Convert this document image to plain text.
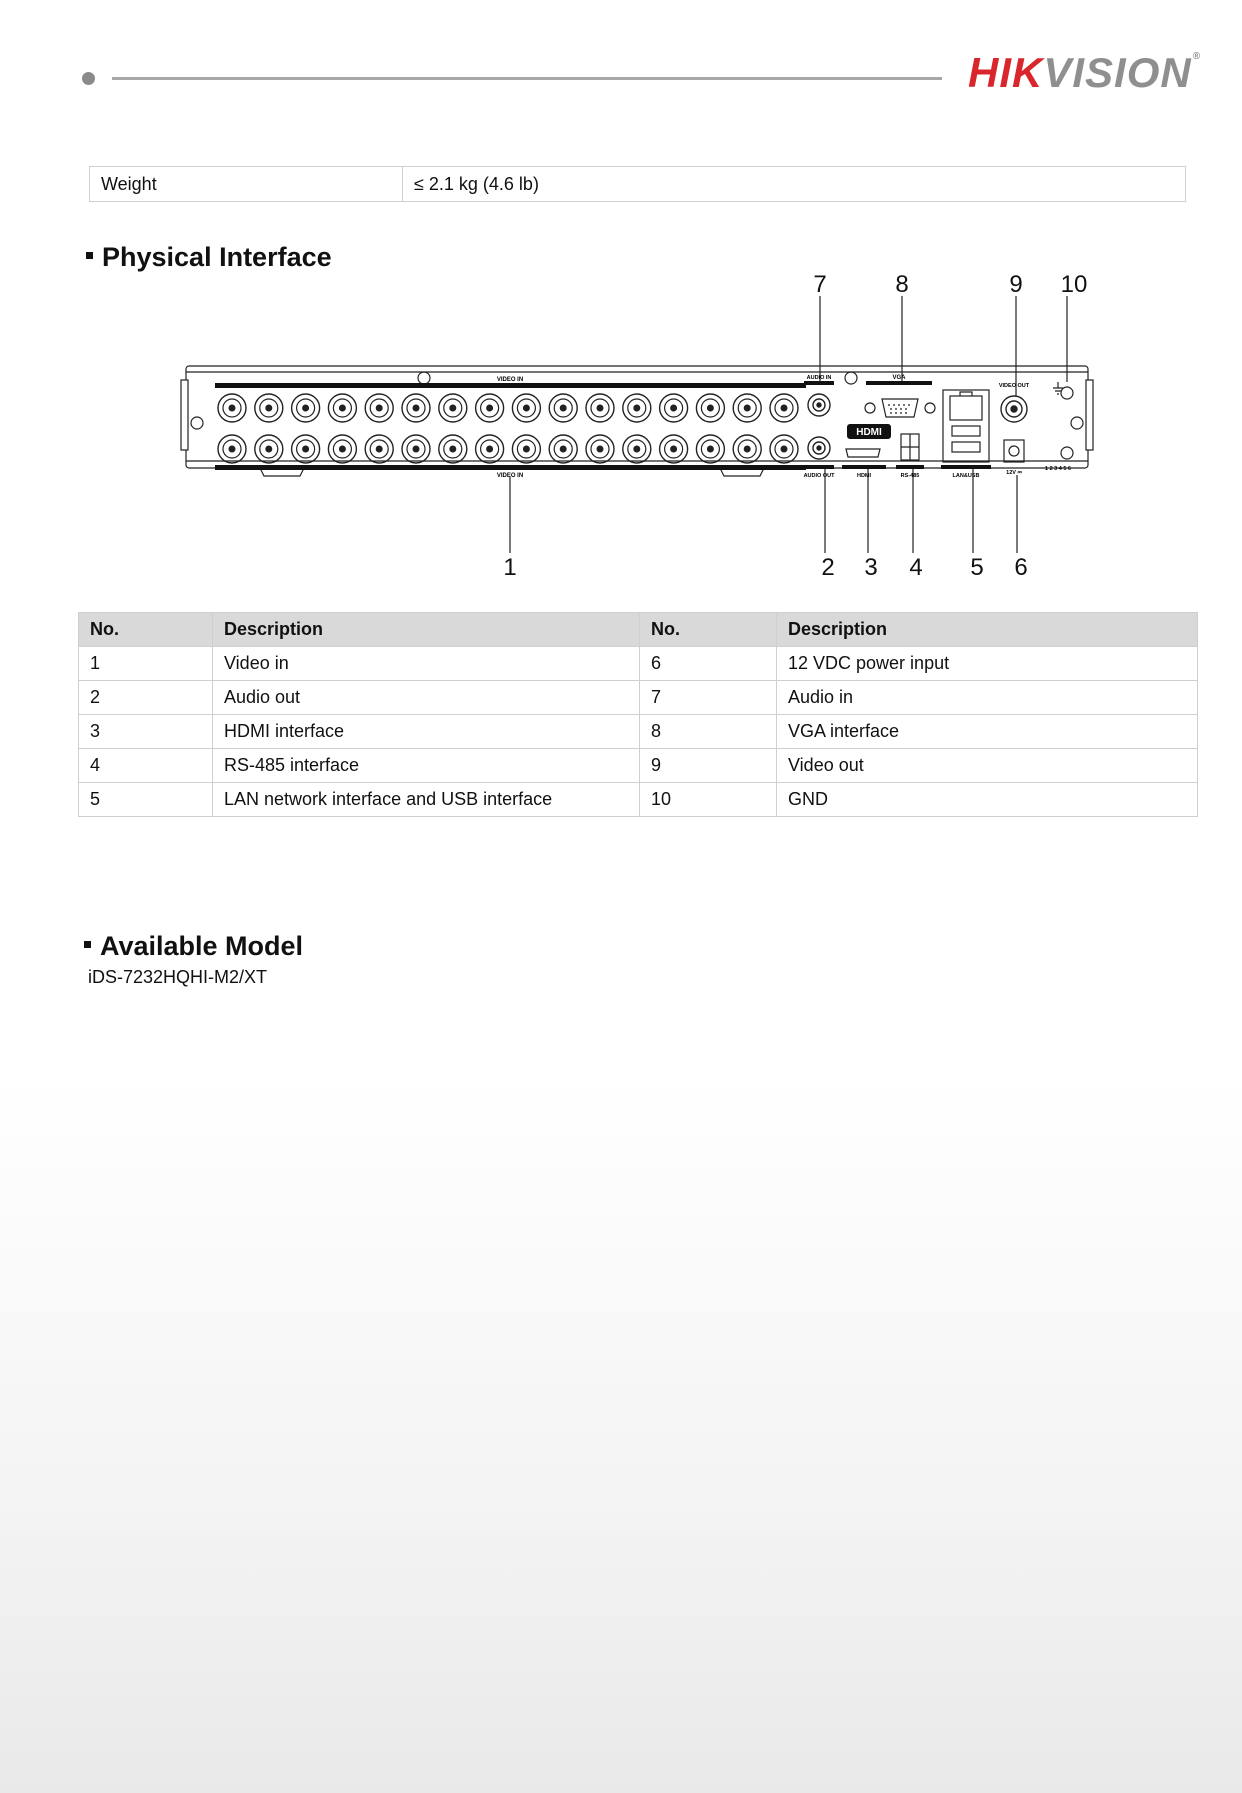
HIKVISION®
Weight	≤ 2.1 kg (4.6 lb)
Physical Interface
VIDEO IN
VIDEO IN
AUDIO IN
AUDIO OUT
VGA
HDMI
HDMI	RS-485	LAN&USB
VIDEO OUT
12V ⎓
1 2 3 4 5 6
7	8	9 10
1	2 3 4 5 6
No.	Description	No.	Description
1	Video in	6	12 VDC power input
2	Audio out	7	Audio in
3	HDMI interface	8	VGA interface
4	RS-485 interface	9	Video out
5	LAN network interface and USB interface	10	GND
Available Model
iDS-7232HQHI-M2/XT
